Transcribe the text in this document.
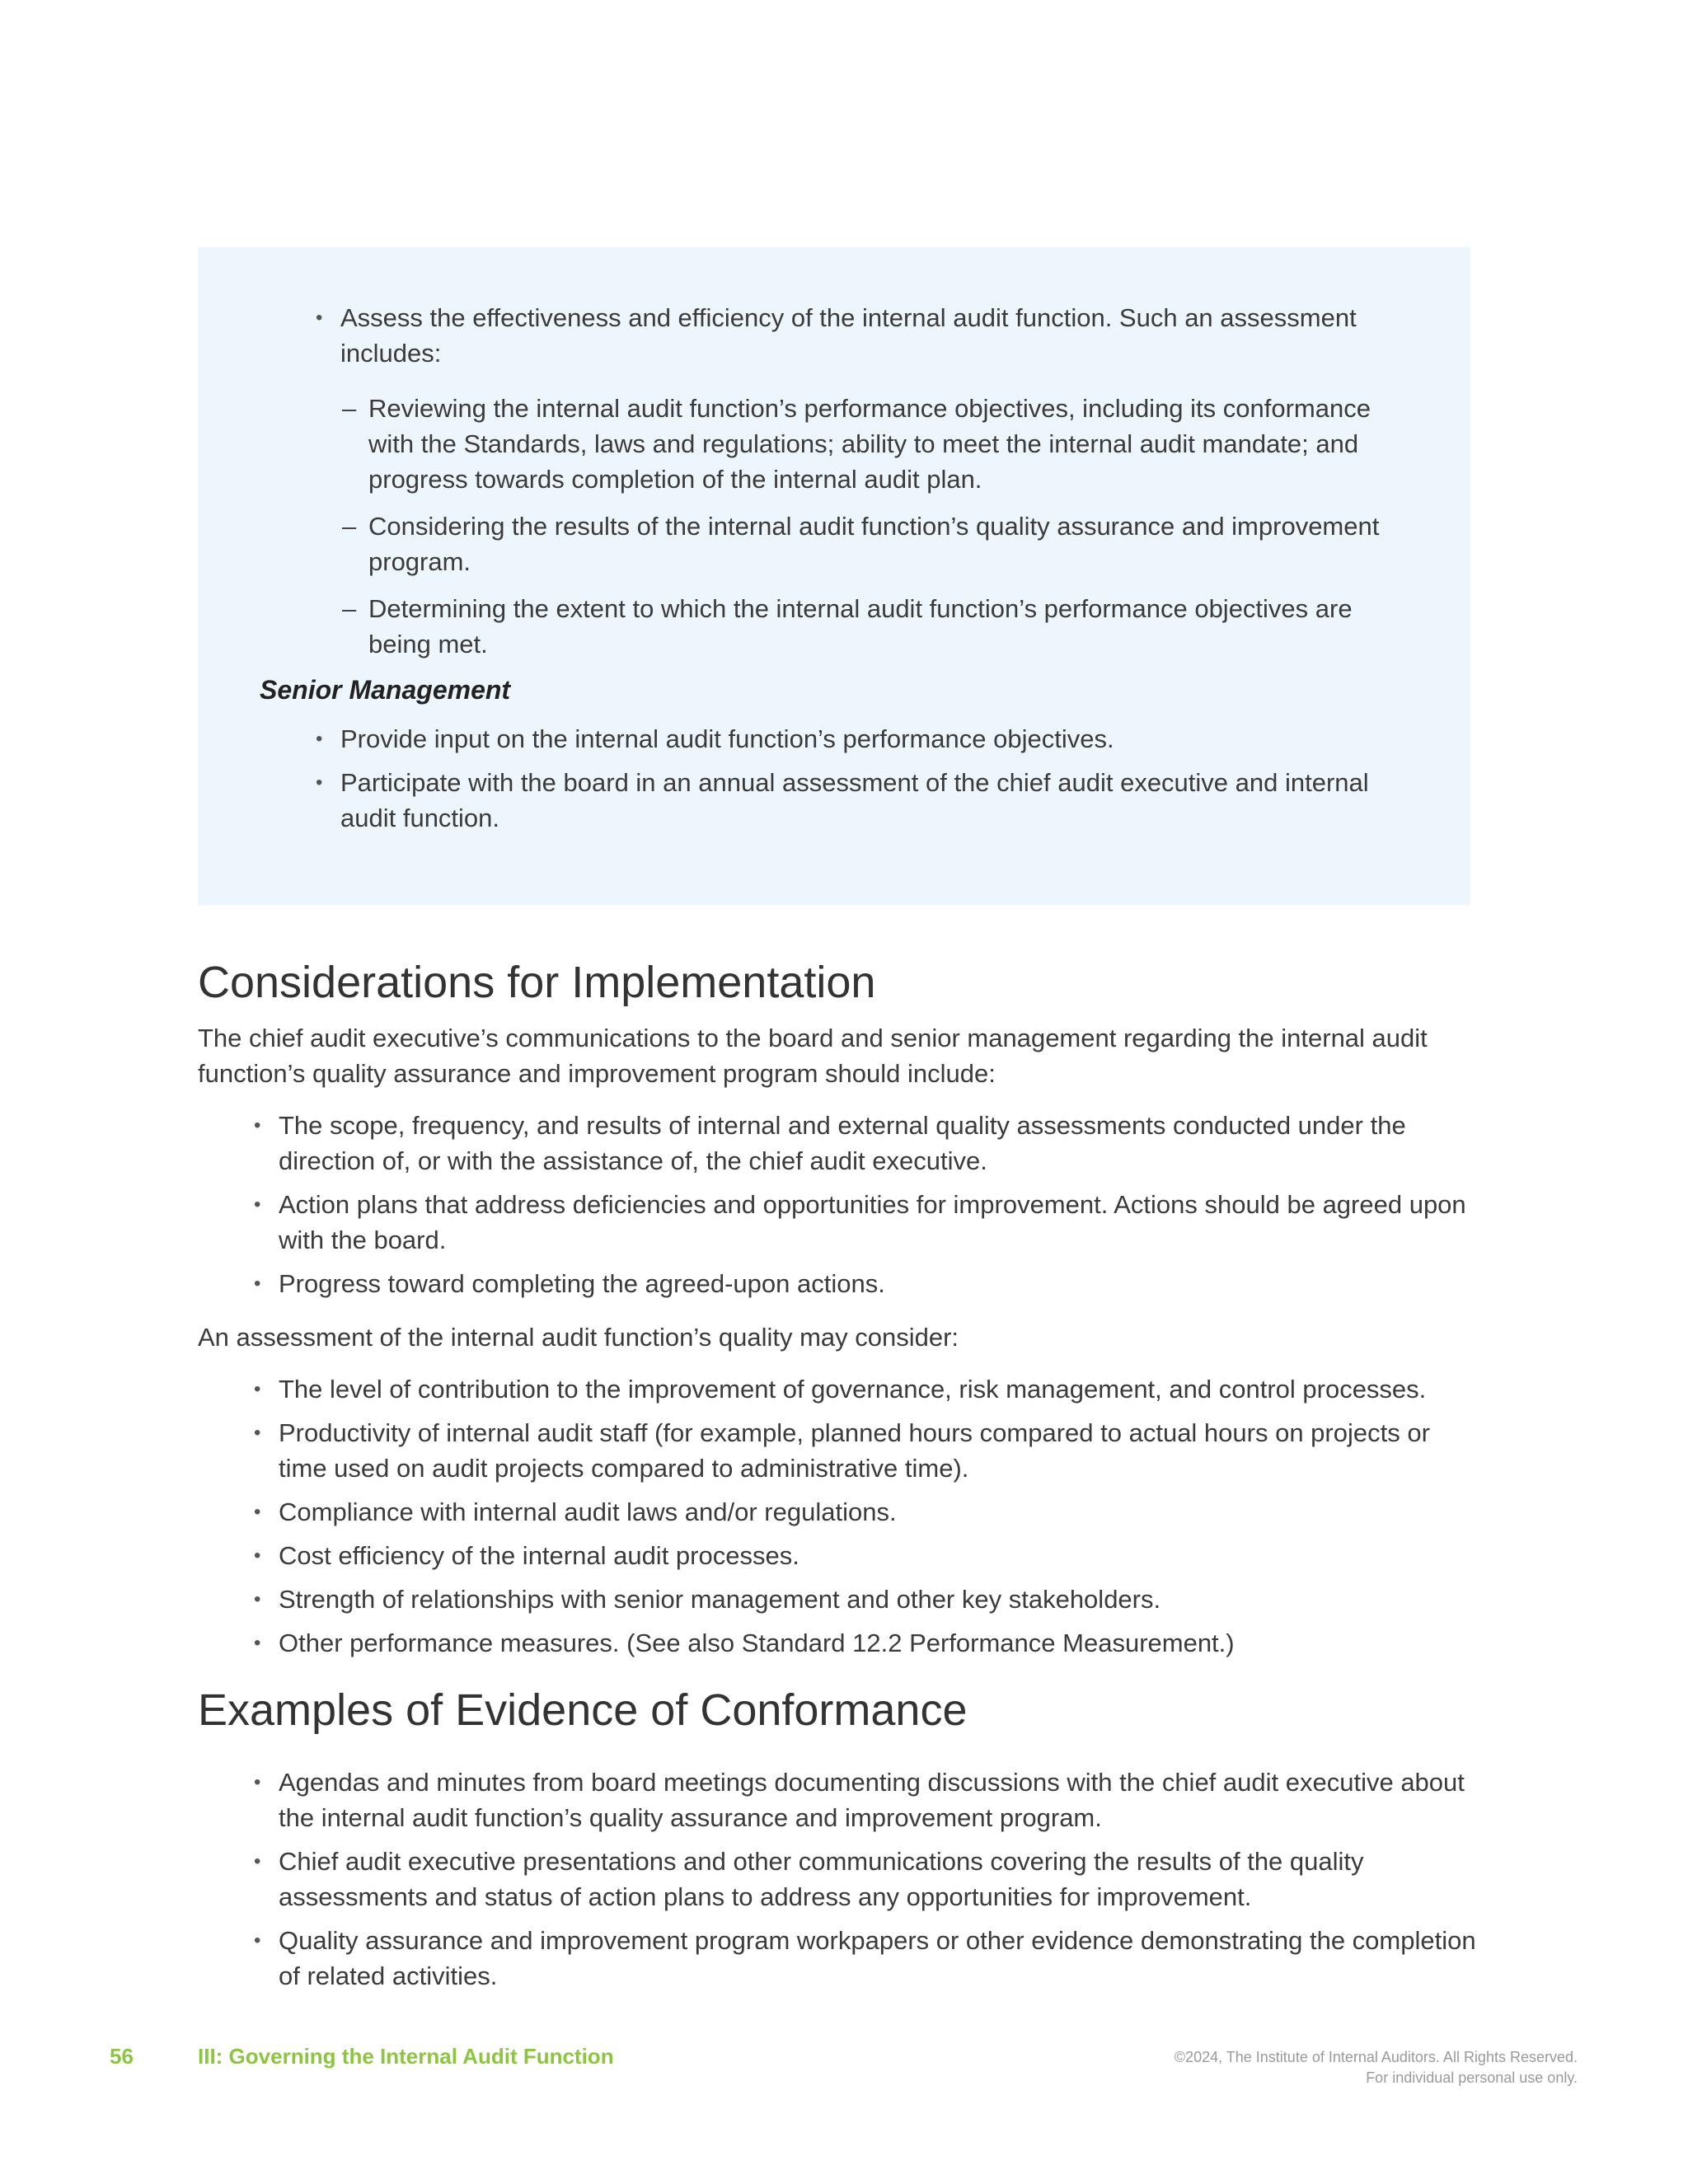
• Assess the effectiveness and efficiency of the internal audit function. Such an assessment includes:
– Reviewing the internal audit function’s performance objectives, including its conformance with the Standards, laws and regulations; ability to meet the internal audit mandate; and progress towards completion of the internal audit plan.
– Considering the results of the internal audit function’s quality assurance and improvement program.
– Determining the extent to which the internal audit function’s performance objectives are being met.
Senior Management
• Provide input on the internal audit function’s performance objectives.
• Participate with the board in an annual assessment of the chief audit executive and internal audit function.
Considerations for Implementation

The chief audit executive’s communications to the board and senior management regarding the internal audit function’s quality assurance and improvement program should include:

• The scope, frequency, and results of internal and external quality assessments conducted under the direction of, or with the assistance of, the chief audit executive.
• Action plans that address deficiencies and opportunities for improvement. Actions should be agreed upon with the board.
• Progress toward completing the agreed-upon actions.

An assessment of the internal audit function’s quality may consider:

• The level of contribution to the improvement of governance, risk management, and control processes.
• Productivity of internal audit staff (for example, planned hours compared to actual hours on projects or time used on audit projects compared to administrative time).
• Compliance with internal audit laws and/or regulations.
• Cost efficiency of the internal audit processes.
• Strength of relationships with senior management and other key stakeholders.
• Other performance measures. (See also Standard 12.2 Performance Measurement.)
Examples of Evidence of Conformance
• Agendas and minutes from board meetings documenting discussions with the chief audit executive about the internal audit function’s quality assurance and improvement program.
• Chief audit executive presentations and other communications covering the results of the quality assessments and status of action plans to address any opportunities for improvement.
• Quality assurance and improvement program workpapers or other evidence demonstrating the completion of related activities.
56	III: Governing the Internal Audit Function	©2024, The Institute of Internal Auditors. All Rights Reserved.
For individual personal use only.
